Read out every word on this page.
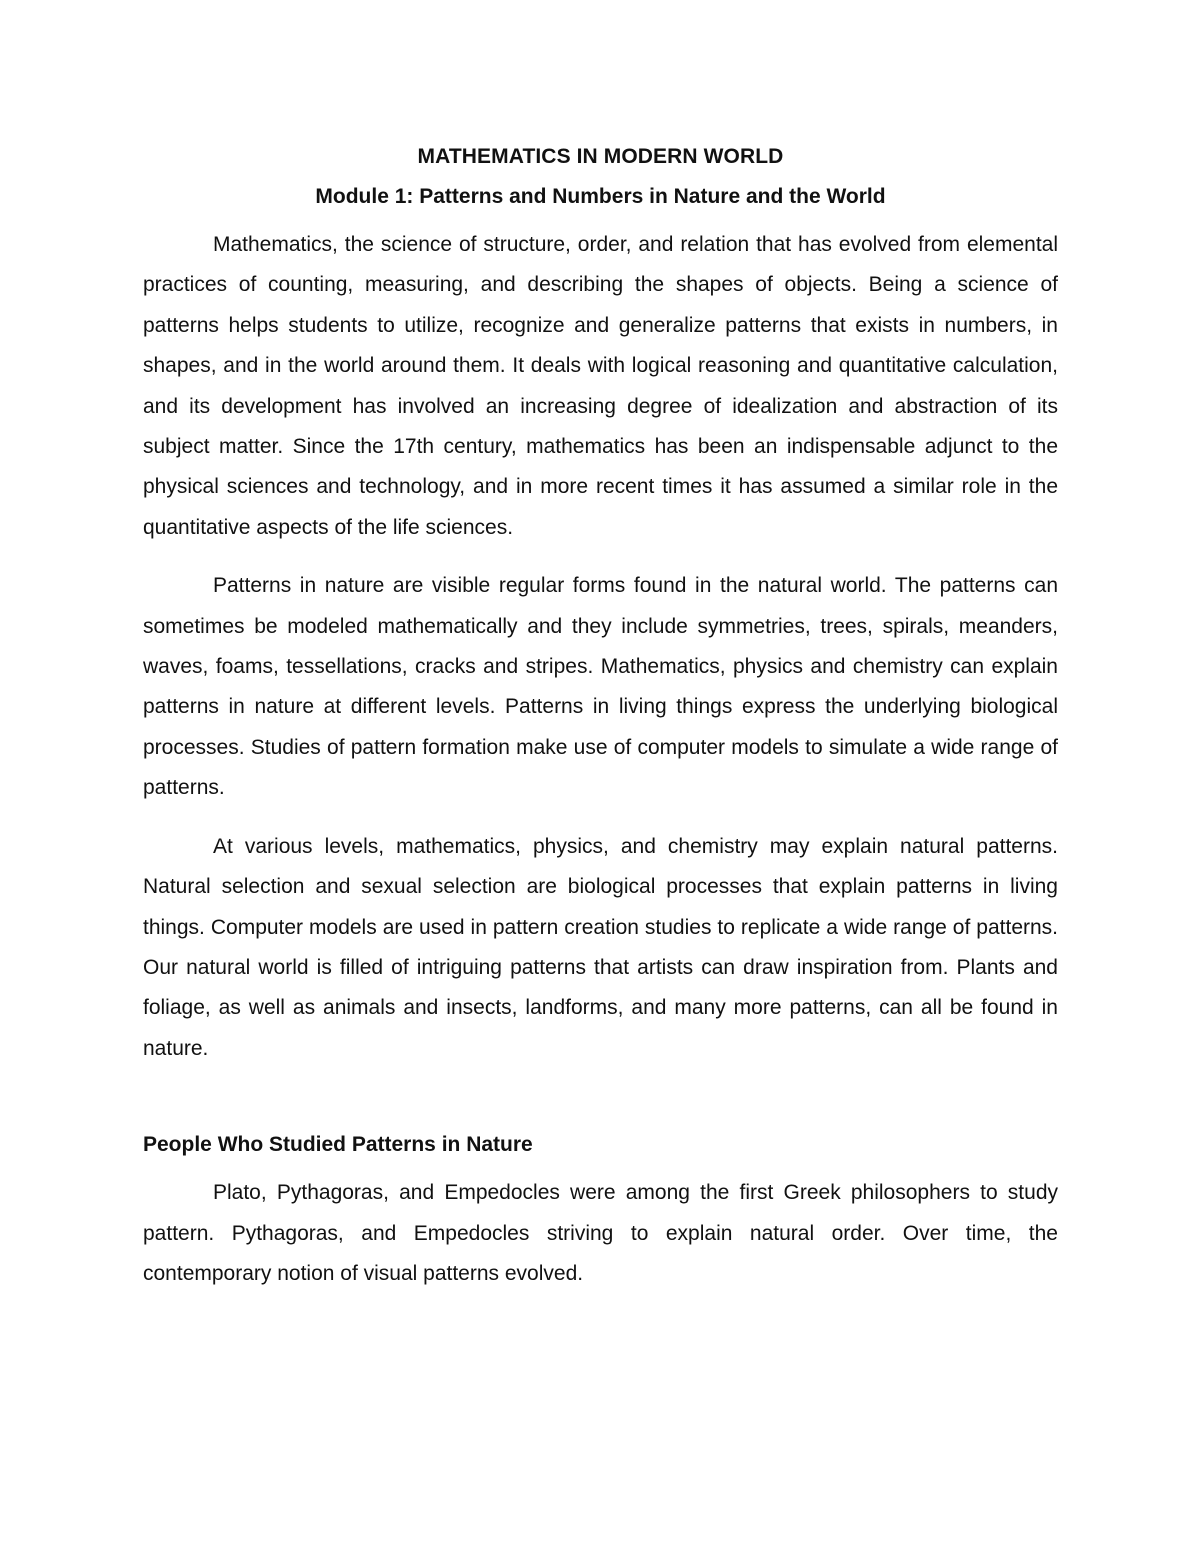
MATHEMATICS IN MODERN WORLD

Module 1: Patterns and Numbers in Nature and the World

Mathematics, the science of structure, order, and relation that has evolved from elemental practices of counting, measuring, and describing the shapes of objects. Being a science of patterns helps students to utilize, recognize and generalize patterns that exists in numbers, in shapes, and in the world around them. It deals with logical reasoning and quantitative calculation, and its development has involved an increasing degree of idealization and abstraction of its subject matter. Since the 17th century, mathematics has been an indispensable adjunct to the physical sciences and technology, and in more recent times it has assumed a similar role in the quantitative aspects of the life sciences.

Patterns in nature are visible regular forms found in the natural world. The patterns can sometimes be modeled mathematically and they include symmetries, trees, spirals, meanders, waves, foams, tessellations, cracks and stripes. Mathematics, physics and chemistry can explain patterns in nature at different levels. Patterns in living things express the underlying biological processes. Studies of pattern formation make use of computer models to simulate a wide range of patterns.

At various levels, mathematics, physics, and chemistry may explain natural patterns. Natural selection and sexual selection are biological processes that explain patterns in living things. Computer models are used in pattern creation studies to replicate a wide range of patterns. Our natural world is filled of intriguing patterns that artists can draw inspiration from. Plants and foliage, as well as animals and insects, landforms, and many more patterns, can all be found in nature.

People Who Studied Patterns in Nature

Plato, Pythagoras, and Empedocles were among the first Greek philosophers to study pattern. Pythagoras, and Empedocles striving to explain natural order. Over time, the contemporary notion of visual patterns evolved.
